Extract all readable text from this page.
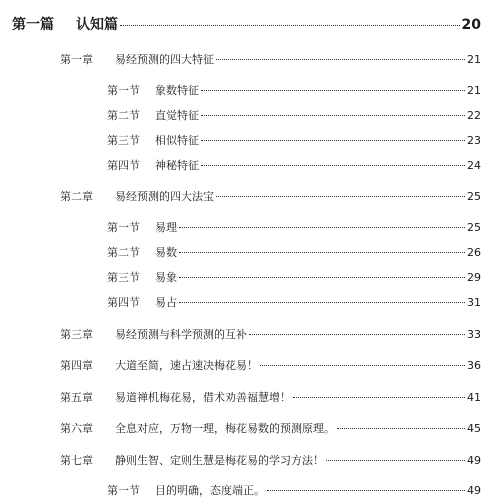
第一篇	认知篇	20
第一章	易经预测的四大特征	21
第一节	象数特征	21
第二节	直觉特征	22
第三节	相似特征	23
第四节	神秘特征	24
第二章	易经预测的四大法宝	25
第一节	易理	25
第二节	易数	26
第三节	易象	29
第四节	易占	31
第三章	易经预测与科学预测的互补	33
第四章	大道至简，速占速决梅花易！	36
第五章	易道禅机梅花易，借术劝善福慧增！	41
第六章	全息对应，万物一理，梅花易数的预测原理。	45
第七章	静则生智、定则生慧是梅花易的学习方法！	49
第一节	目的明确，态度端正。	49
